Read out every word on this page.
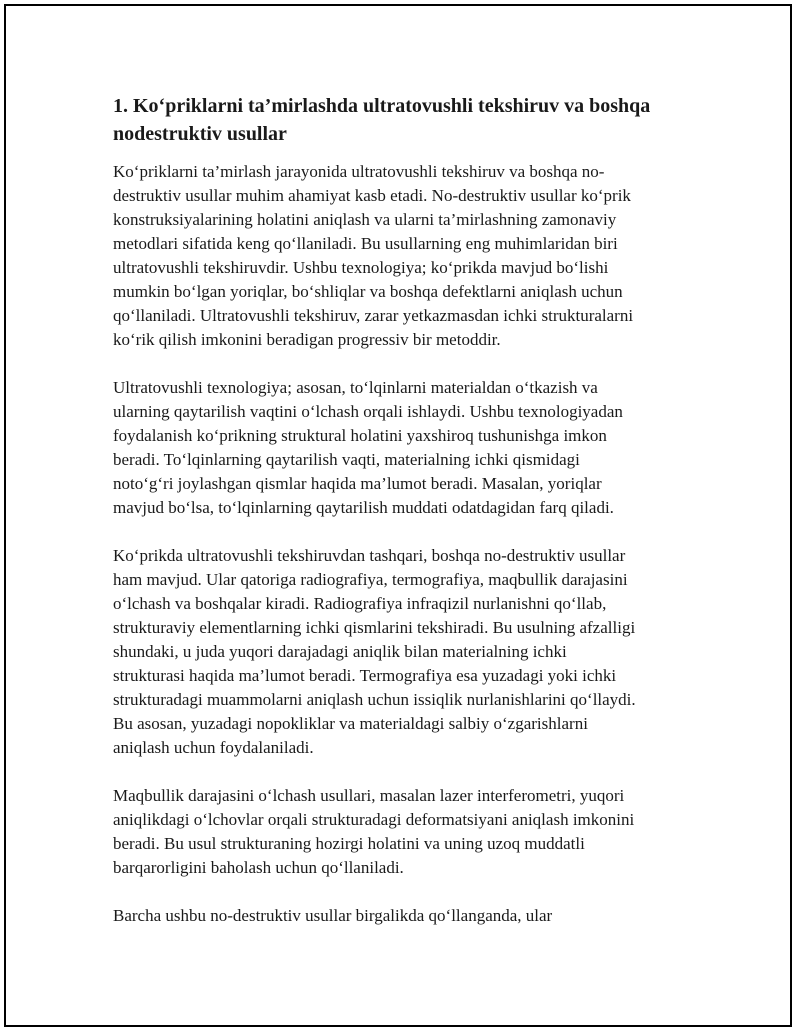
1. Ko‘priklarni ta’mirlashda ultratovushli tekshiruv va boshqa
nodestruktiv usullar

Ko‘priklarni ta’mirlash jarayonida ultratovushli tekshiruv va boshqa no-
destruktiv usullar muhim ahamiyat kasb etadi. No-destruktiv usullar ko‘prik
konstruksiyalarining holatini aniqlash va ularni ta’mirlashning zamonaviy
metodlari sifatida keng qo‘llaniladi. Bu usullarning eng muhimlaridan biri
ultratovushli tekshiruvdir. Ushbu texnologiya; ko‘prikda mavjud bo‘lishi
mumkin bo‘lgan yoriqlar, bo‘shliqlar va boshqa defektlarni aniqlash uchun
qo‘llaniladi. Ultratovushli tekshiruv, zarar yetkazmasdan ichki strukturalarni
ko‘rik qilish imkonini beradigan progressiv bir metoddir.

Ultratovushli texnologiya; asosan, to‘lqinlarni materialdan o‘tkazish va
ularning qaytarilish vaqtini o‘lchash orqali ishlaydi. Ushbu texnologiyadan
foydalanish ko‘prikning struktural holatini yaxshiroq tushunishga imkon
beradi. To‘lqinlarning qaytarilish vaqti, materialning ichki qismidagi
noto‘g‘ri joylashgan qismlar haqida ma’lumot beradi. Masalan, yoriqlar
mavjud bo‘lsa, to‘lqinlarning qaytarilish muddati odatdagidan farq qiladi.

Ko‘prikda ultratovushli tekshiruvdan tashqari, boshqa no-destruktiv usullar
ham mavjud. Ular qatoriga radiografiya, termografiya, maqbullik darajasini
o‘lchash va boshqalar kiradi. Radiografiya infraqizil nurlanishni qo‘llab,
strukturaviy elementlarning ichki qismlarini tekshiradi. Bu usulning afzalligi
shundaki, u juda yuqori darajadagi aniqlik bilan materialning ichki
strukturasi haqida ma’lumot beradi. Termografiya esa yuzadagi yoki ichki
strukturadagi muammolarni aniqlash uchun issiqlik nurlanishlarini qo‘llaydi.
Bu asosan, yuzadagi nopokliklar va materialdagi salbiy o‘zgarishlarni
aniqlash uchun foydalaniladi.

Maqbullik darajasini o‘lchash usullari, masalan lazer interferometri, yuqori
aniqlikdagi o‘lchovlar orqali strukturadagi deformatsiyani aniqlash imkonini
beradi. Bu usul strukturaning hozirgi holatini va uning uzoq muddatli
barqarorligini baholash uchun qo‘llaniladi.

Barcha ushbu no-destruktiv usullar birgalikda qo‘llanganda, ular
